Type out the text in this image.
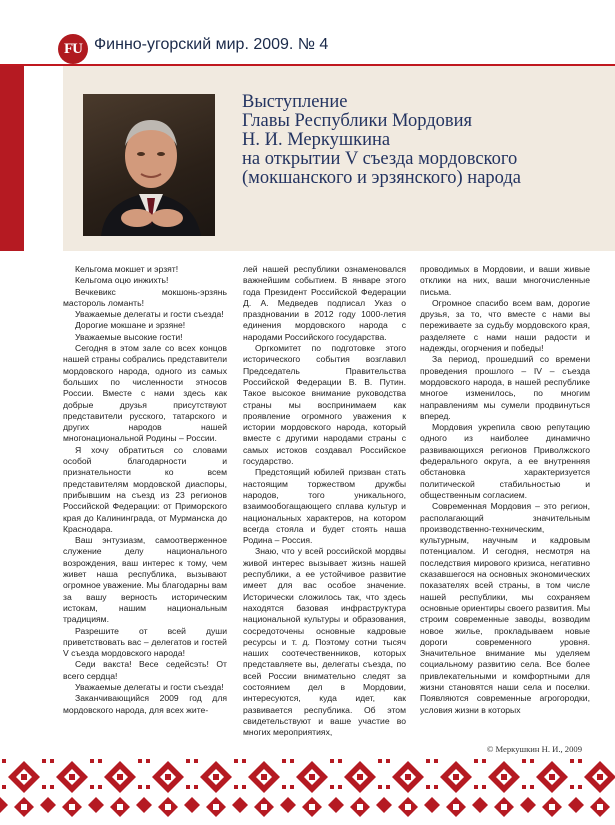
FU Финно-угорский мир. 2009. № 4
4
Выступление
Главы Республики Мордовия
Н. И. Меркушкина
на открытии V съезда мордовского
(мокшанского и эрзянского) народа

Кельгома мокшет и эрзят!

Кельгома оцю инжихть!

Вечкевикс мокшонь-эрзянь мастороль ломанть!

Уважаемые делегаты и гости съезда!

Дорогие мокшане и эрзяне!

Уважаемые высокие гости!

Сегодня в этом зале со всех концов нашей страны собрались представители мордовского народа, одного из самых больших по численности этносов России. Вместе с нами здесь как добрые друзья присутствуют представители русского, татарского и других народов нашей многонациональной Родины – России.

Я хочу обратиться со словами особой благодарности и признательности ко всем представителям мордовской диаспоры, прибывшим на съезд из 23 регионов Российской Федерации: от Приморского края до Калининграда, от Мурманска до Краснодара.

Ваш энтузиазм, самоотверженное служение делу национального возрождения, ваш интерес к тому, чем живет наша республика, вызывают огромное уважение. Мы благодарны вам за вашу верность историческим истокам, нашим национальным традициям.

Разрешите от всей души приветствовать вас – делегатов и гостей V съезда мордовского народа!

Седи вакста! Весе седейсэть! От всего сердца!

Уважаемые делегаты и гости съезда!

Заканчивающийся 2009 год для мордовского народа, для всех жите-

лей нашей республики ознаменовался важнейшим событием. В январе этого года Президент Российской Федерации Д. А. Медведев подписал Указ о праздновании в 2012 году 1000-летия единения мордовского народа с народами Российского государства.

Оргкомитет по подготовке этого исторического события возглавил Председатель Правительства Российской Федерации В. В. Путин. Такое высокое внимание руководства страны мы воспринимаем как проявление огромного уважения к истории мордовского народа, который вместе с другими народами страны с самых истоков создавал Российское государство.

Предстоящий юбилей призван стать настоящим торжеством дружбы народов, того уникального, взаимообогащающего сплава культур и национальных характеров, на котором всегда стояла и будет стоять наша Родина – Россия.

Знаю, что у всей российской мордвы живой интерес вызывает жизнь нашей республики, а ее устойчивое развитие имеет для вас особое значение. Исторически сложилось так, что здесь находятся базовая инфраструктура национальной культуры и образования, сосредоточены основные кадровые ресурсы и т. д. Поэтому сотни тысяч наших соотечественников, которых представляете вы, делегаты съезда, по всей России внимательно следят за состоянием дел в Мордовии, интересуются, куда идет, как развивается республика. Об этом свидетельствуют и ваше участие во многих мероприятиях,

проводимых в Мордовии, и ваши живые отклики на них, ваши многочисленные письма.

Огромное спасибо всем вам, дорогие друзья, за то, что вместе с нами вы переживаете за судьбу мордовского края, разделяете с нами наши радости и надежды, огорчения и победы!

За период, прошедший со времени проведения прошлого – IV – съезда мордовского народа, в нашей республике многое изменилось, по многим направлениям мы сумели продвинуться вперед.

Мордовия укрепила свою репутацию одного из наиболее динамично развивающихся регионов Приволжского федерального округа, а ее внутренняя обстановка характеризуется политической стабильностью и общественным согласием.

Современная Мордовия – это регион, располагающий значительным производственно-техническим, культурным, научным и кадровым потенциалом. И сегодня, несмотря на последствия мирового кризиса, негативно сказавшегося на основных экономических показателях всей страны, в том числе нашей республики, мы сохраняем основные ориентиры своего развития. Мы строим современные заводы, возводим новое жилье, прокладываем новые дороги современного уровня. Значительное внимание мы уделяем социальному развитию села. Все более привлекательными и комфортными для жизни становятся наши села и поселки. Появляются современные агрогородки, условия жизни в которых

© Меркушкин Н. И., 2009
